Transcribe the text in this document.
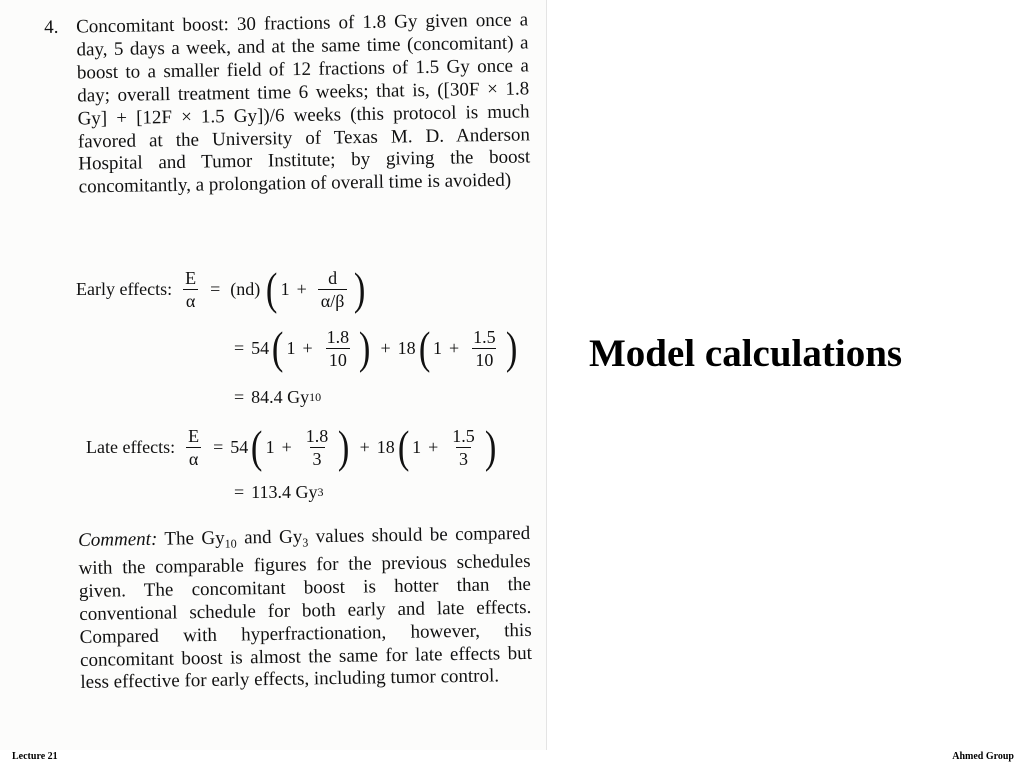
4. Concomitant boost: 30 fractions of 1.8 Gy given once a day, 5 days a week, and at the same time (concomitant) a boost to a smaller field of 12 fractions of 1.5 Gy once a day; overall treatment time 6 weeks; that is, ([30F × 1.8 Gy] + [12F × 1.5 Gy])/6 weeks (this protocol is much favored at the University of Texas M. D. Anderson Hospital and Tumor Institute; by giving the boost concomitantly, a prolongation of overall time is avoided)

Early effects: $\frac{E}{\alpha} = (nd)$ ( $1 + \frac{d}{\alpha/\beta}$ )
= 54 ( $1 + \frac{1.8}{10}$ ) + 18 ( $1 + \frac{1.5}{10}$ )
= 84.4 Gy 10
Late effects: $\frac{E}{\alpha} = 54$ ( $1 + \frac{1.8}{3}$ ) + 18 ( $1 + \frac{1.5}{3}$ )
= 113.4 Gy 3

Comment: The $Gy_{10}$ and $Gy_3$ values should be compared with the comparable figures for the previous schedules given. The concomitant boost is hotter than the conventional schedule for both early and late effects. Compared with hyperfractionation, however, this concomitant boost is almost the same for late effects but less effective for early effects, including tumor control.

Model calculations
Lecture 21	Ahmed Group
